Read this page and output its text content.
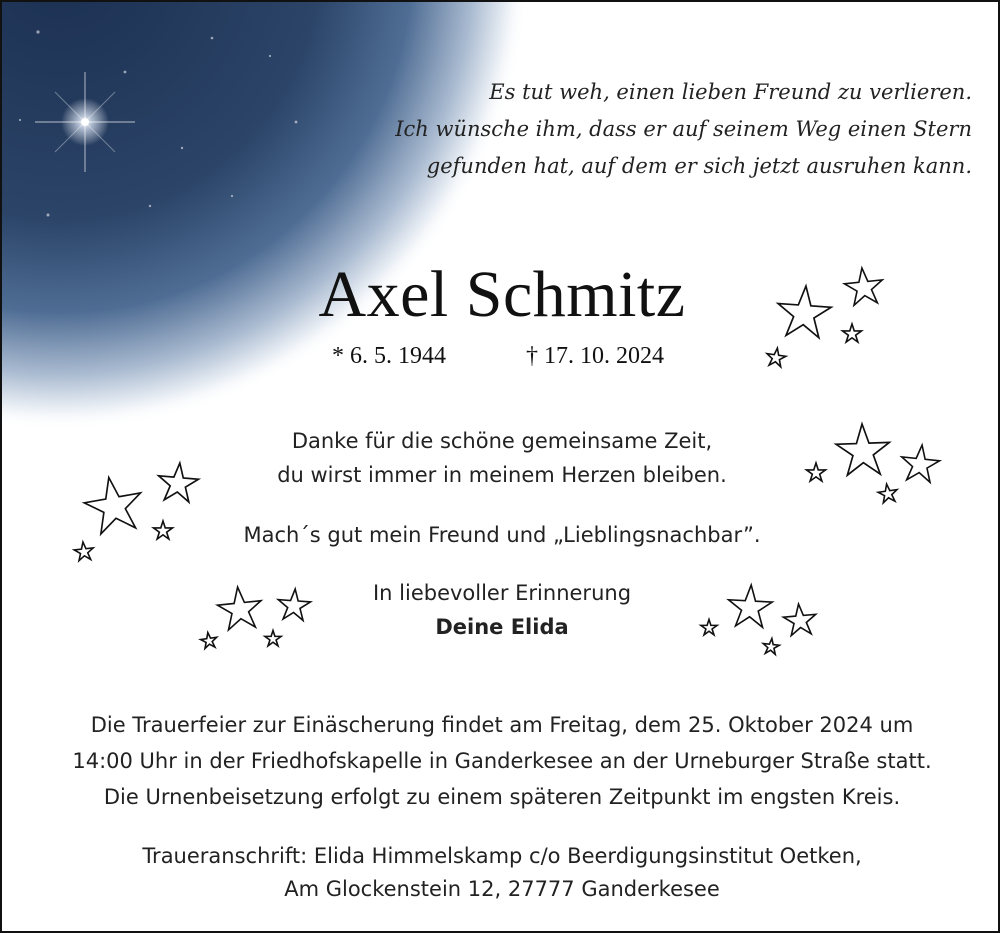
Es tut weh, einen lieben Freund zu verlieren.
Ich wünsche ihm, dass er auf seinem Weg einen Stern
gefunden hat, auf dem er sich jetzt ausruhen kann.
Axel Schmitz
* 6. 5. 1944	† 17. 10. 2024
Danke für die schöne gemeinsame Zeit,
du wirst immer in meinem Herzen bleiben.
Mach´s gut mein Freund und „Lieblingsnachbar”.
In liebevoller Erinnerung
Deine Elida
Die Trauerfeier zur Einäscherung findet am Freitag, dem 25. Oktober 2024 um
14:00 Uhr in der Friedhofskapelle in Ganderkesee an der Urneburger Straße statt.
Die Urnenbeisetzung erfolgt zu einem späteren Zeitpunkt im engsten Kreis.
Traueranschrift: Elida Himmelskamp c/o Beerdigungsinstitut Oetken,
Am Glockenstein 12, 27777 Ganderkesee
